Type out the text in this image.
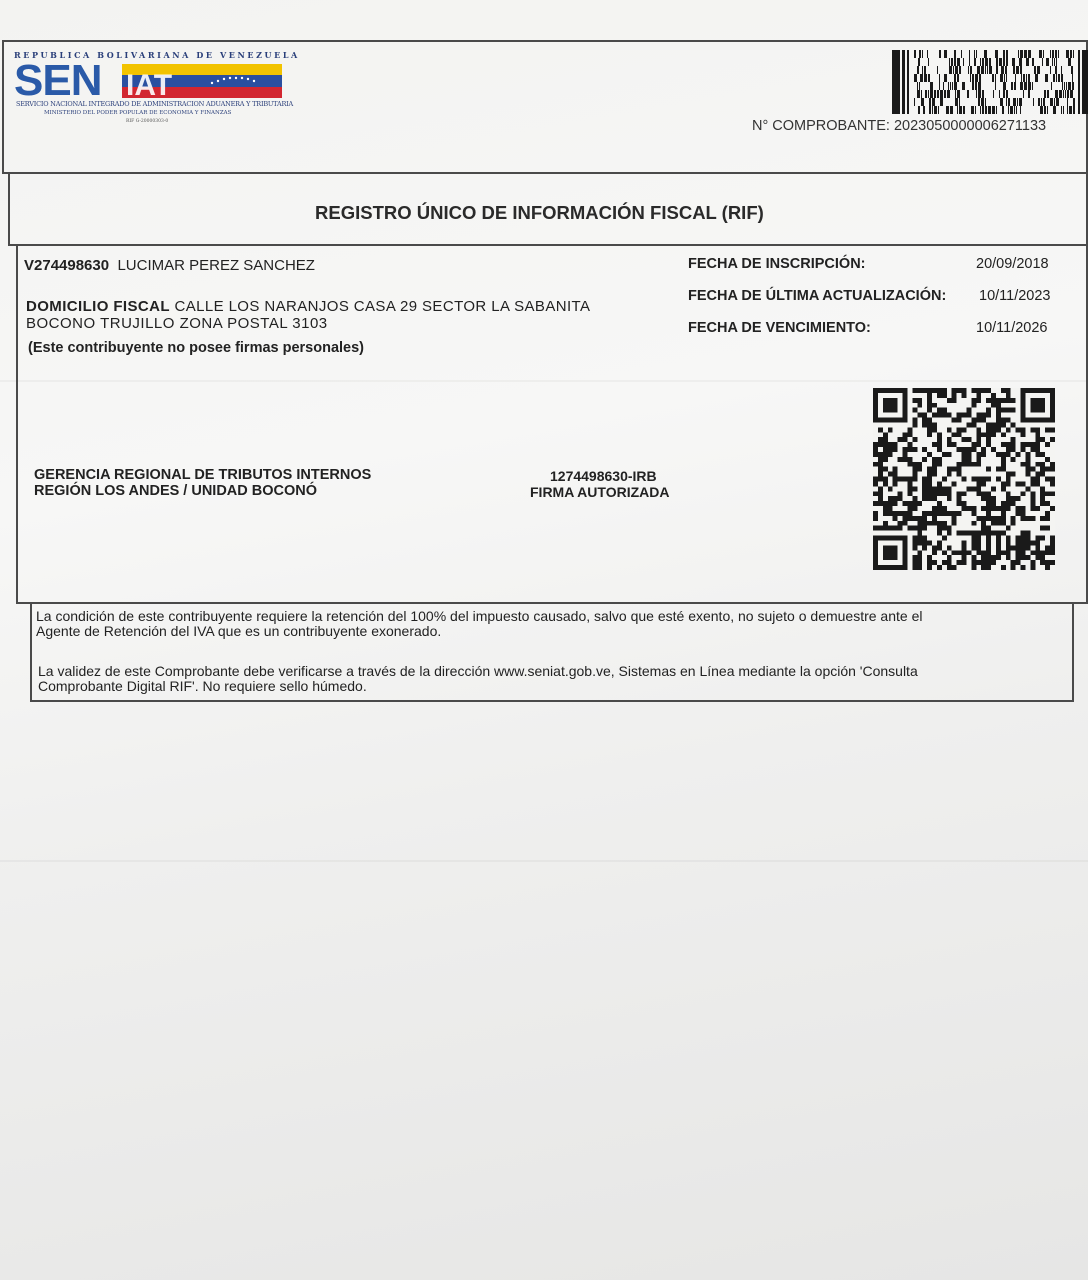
REPUBLICA BOLIVARIANA DE VENEZUELA
SEN IAT
SERVICIO NACIONAL INTEGRADO DE ADMINISTRACION ADUANERA Y TRIBUTARIA
MINISTERIO DEL PODER POPULAR DE ECONOMIA Y FINANZAS
RIF G-20000303-0	N° COMPROBANTE: 2023050000006271133
REGISTRO ÚNICO DE INFORMACIÓN FISCAL (RIF)
V274498630 LUCIMAR PEREZ SANCHEZ
DOMICILIO FISCAL CALLE LOS NARANJOS CASA 29 SECTOR LA SABANITA
BOCONO TRUJILLO ZONA POSTAL 3103
(Este contribuyente no posee firmas personales)
FECHA DE INSCRIPCIÓN:	20/09/2018
FECHA DE ÚLTIMA ACTUALIZACIÓN: 10/11/2023
FECHA DE VENCIMIENTO:	10/11/2026
GERENCIA REGIONAL DE TRIBUTOS INTERNOS
REGIÓN LOS ANDES / UNIDAD BOCONÓ
1274498630-IRB
FIRMA AUTORIZADA
La condición de este contribuyente requiere la retención del 100% del impuesto causado, salvo que esté exento, no sujeto o demuestre ante el
Agente de Retención del IVA que es un contribuyente exonerado.
La validez de este Comprobante debe verificarse a través de la dirección www.seniat.gob.ve, Sistemas en Línea mediante la opción 'Consulta
Comprobante Digital RIF'. No requiere sello húmedo.
